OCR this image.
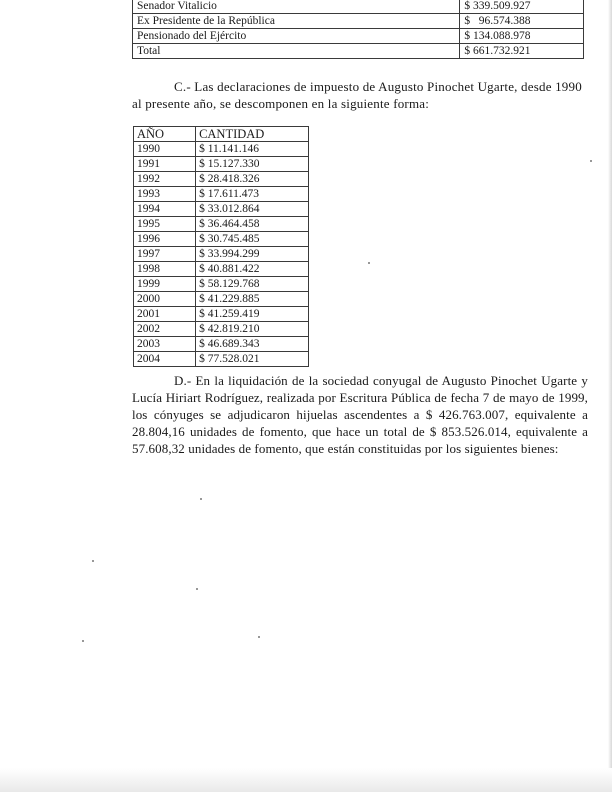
Senador Vitalicio	$ 339.509.927
Ex Presidente de la República	$   96.574.388
Pensionado del Ejército	$ 134.088.978
Total	$ 661.732.921

C.- Las declaraciones de impuesto de Augusto Pinochet Ugarte, desde 1990 al presente año, se descomponen en la siguiente forma:

AÑO	CANTIDAD
1990	$ 11.141.146
1991	$ 15.127.330
1992	$ 28.418.326
1993	$ 17.611.473
1994	$ 33.012.864
1995	$ 36.464.458
1996	$ 30.745.485
1997	$ 33.994.299
1998	$ 40.881.422
1999	$ 58.129.768
2000	$ 41.229.885
2001	$ 41.259.419
2002	$ 42.819.210
2003	$ 46.689.343
2004	$ 77.528.021

D.- En la liquidación de la sociedad conyugal de Augusto Pinochet Ugarte y Lucía Hiriart Rodríguez, realizada por Escritura Pública de fecha 7 de mayo de 1999, los cónyuges se adjudicaron hijuelas ascendentes a $ 426.763.007, equivalente a 28.804,16 unidades de fomento, que hace un total de $ 853.526.014, equivalente a 57.608,32 unidades de fomento, que están constituidas por los siguientes bienes:
